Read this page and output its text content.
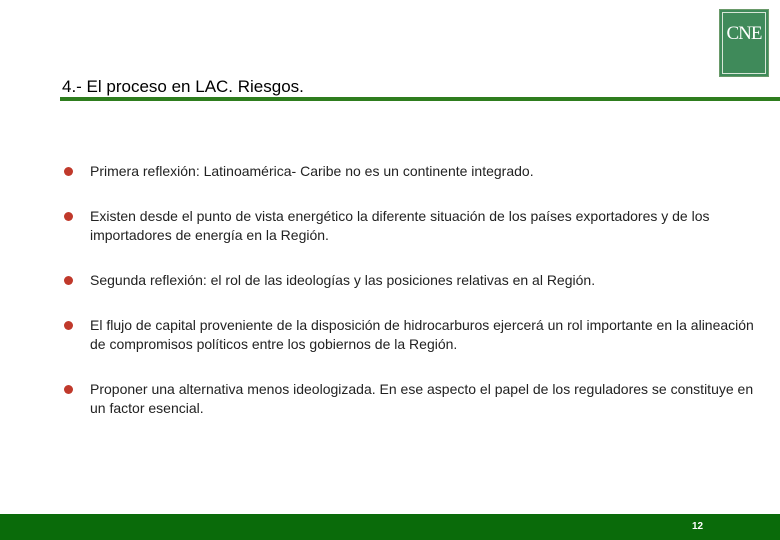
CNE
4.- El proceso en LAC. Riesgos.
Primera reflexión: Latinoamérica- Caribe no es un continente integrado.
Existen desde el punto de vista energético la diferente situación de los países exportadores y de los importadores de energía en la Región.
Segunda reflexión: el rol de las ideologías y las posiciones relativas en al Región.
El flujo de capital proveniente de la disposición de hidrocarburos ejercerá un rol importante en la alineación de compromisos políticos entre los gobiernos de la Región.
Proponer una alternativa menos ideologizada. En ese aspecto el papel de los reguladores se constituye en un factor esencial.
12
